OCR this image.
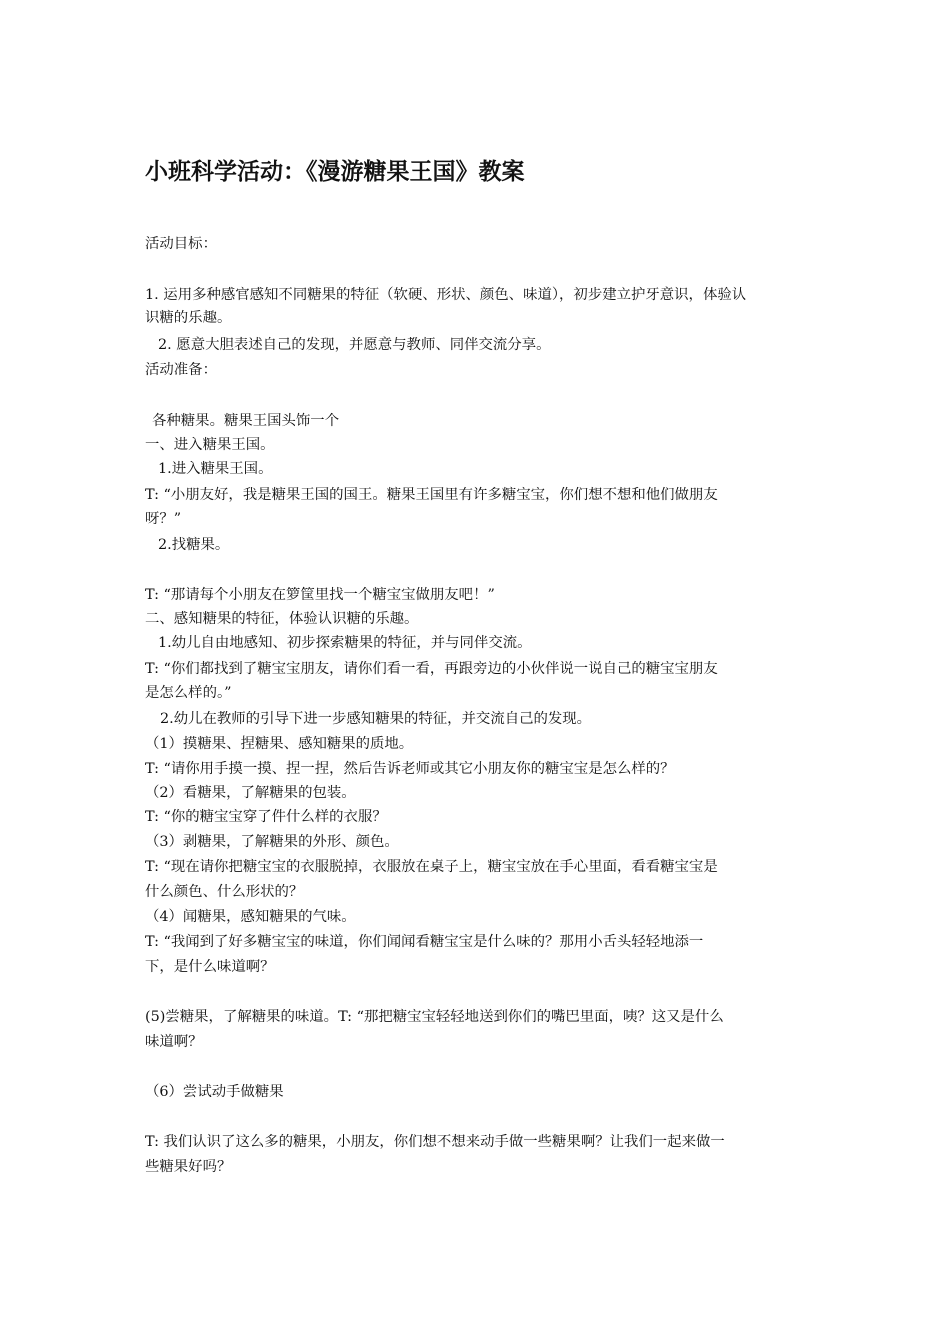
小班科学活动：《漫游糖果王国》教案
活动目标：
1. 运用多种感官感知不同糖果的特征（软硬、形状、颜色、味道），初步建立护牙意识，体验认
识糖的乐趣。
2. 愿意大胆表述自己的发现，并愿意与教师、同伴交流分享。
活动准备：
各种糖果。糖果王国头饰一个
一、进入糖果王国。
1.进入糖果王国。
T: “小朋友好，我是糖果王国的国王。糖果王国里有许多糖宝宝，你们想不想和他们做朋友
呀？”
2.找糖果。
T: “那请每个小朋友在箩筐里找一个糖宝宝做朋友吧！”
二、感知糖果的特征，体验认识糖的乐趣。
1.幼儿自由地感知、初步探索糖果的特征，并与同伴交流。
T: “你们都找到了糖宝宝朋友，请你们看一看，再跟旁边的小伙伴说一说自己的糖宝宝朋友
是怎么样的。”
2.幼儿在教师的引导下进一步感知糖果的特征，并交流自己的发现。
（1）摸糖果、捏糖果、感知糖果的质地。
T: “请你用手摸一摸、捏一捏，然后告诉老师或其它小朋友你的糖宝宝是怎么样的？
（2）看糖果，了解糖果的包装。
T: “你的糖宝宝穿了件什么样的衣服？
（3）剥糖果，了解糖果的外形、颜色。
T: “现在请你把糖宝宝的衣服脱掉，衣服放在桌子上，糖宝宝放在手心里面，看看糖宝宝是
什么颜色、什么形状的？
（4）闻糖果，感知糖果的气味。
T: “我闻到了好多糖宝宝的味道，你们闻闻看糖宝宝是什么味的？那用小舌头轻轻地添一
下，是什么味道啊？
(5)尝糖果，了解糖果的味道。T: “那把糖宝宝轻轻地送到你们的嘴巴里面，咦？这又是什么
味道啊？
（6）尝试动手做糖果
T: 我们认识了这么多的糖果，小朋友，你们想不想来动手做一些糖果啊？让我们一起来做一
些糖果好吗？
